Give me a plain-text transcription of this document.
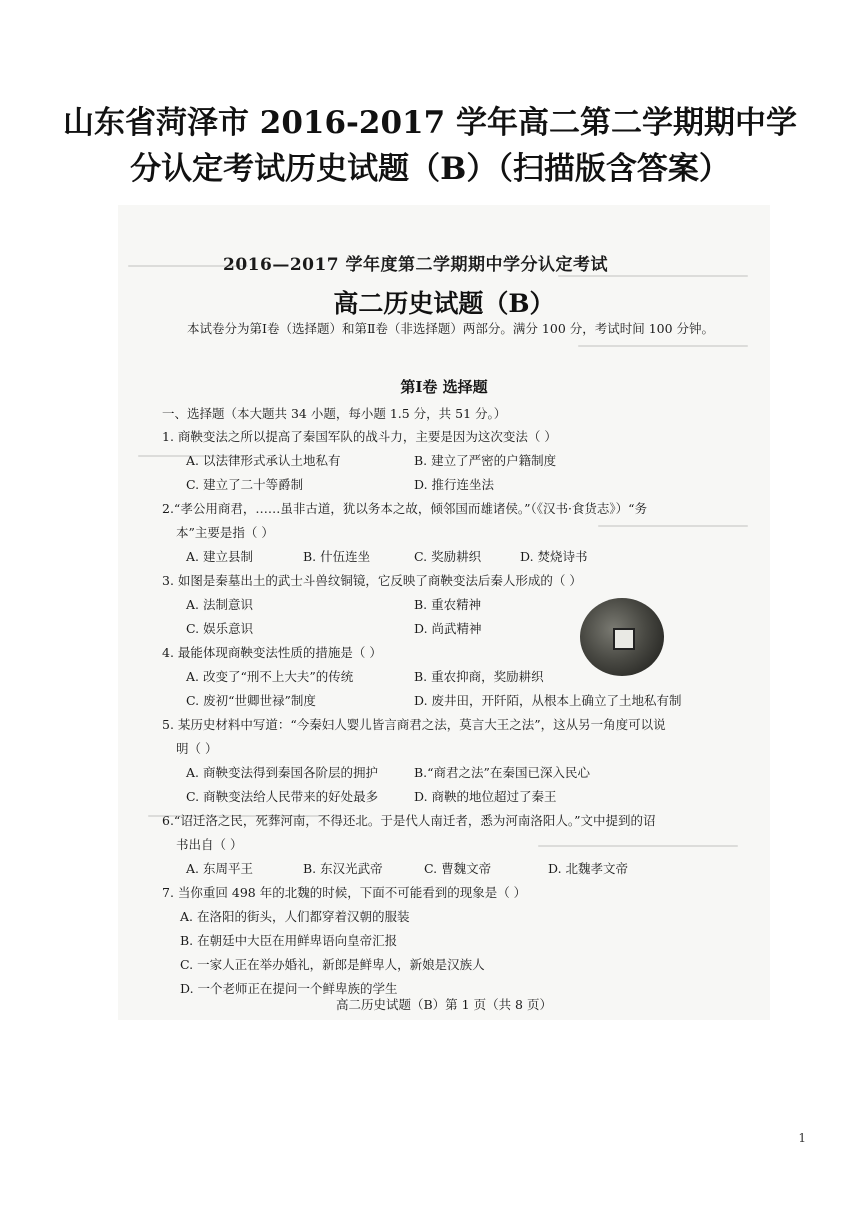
山东省菏泽市 2016-2017 学年高二第二学期期中学
分认定考试历史试题（B）（扫描版含答案）
2016—2017 学年度第二学期期中学分认定考试
高二历史试题（B）
本试卷分为第Ⅰ卷（选择题）和第Ⅱ卷（非选择题）两部分。满分 100 分，考试时间 100 分钟。
第Ⅰ卷 选择题
一、选择题（本大题共 34 小题，每小题 1.5 分，共 51 分。）
1. 商鞅变法之所以提高了秦国军队的战斗力，主要是因为这次变法（ ）
A. 以法律形式承认土地私有	B. 建立了严密的户籍制度
C. 建立了二十等爵制	D. 推行连坐法
2.“孝公用商君，……虽非古道，犹以务本之故，倾邻国而雄诸侯。”（《汉书·食货志》）“务
本”主要是指（ ）
A. 建立县制	B. 什伍连坐	C. 奖励耕织	D. 焚烧诗书
3. 如图是秦墓出土的武士斗兽纹铜镜，它反映了商鞅变法后秦人形成的（ ）
A. 法制意识	B. 重农精神
C. 娱乐意识	D. 尚武精神
4. 最能体现商鞅变法性质的措施是（ ）
A. 改变了“刑不上大夫”的传统	B. 重农抑商，奖励耕织
C. 废初“世卿世禄”制度	D. 废井田，开阡陌，从根本上确立了土地私有制
5. 某历史材料中写道：“今秦妇人婴儿皆言商君之法，莫言大王之法”，这从另一角度可以说
明（ ）
A. 商鞅变法得到秦国各阶层的拥护	B.“商君之法”在秦国已深入民心
C. 商鞅变法给人民带来的好处最多	D. 商鞅的地位超过了秦王
6.“诏迁洛之民，死葬河南，不得还北。于是代人南迁者，悉为河南洛阳人。”文中提到的诏
书出自（ ）
A. 东周平王	B. 东汉光武帝	C. 曹魏文帝	D. 北魏孝文帝
7. 当你重回 498 年的北魏的时候，下面不可能看到的现象是（ ）
A. 在洛阳的街头，人们都穿着汉朝的服装
B. 在朝廷中大臣在用鲜卑语向皇帝汇报
C. 一家人正在举办婚礼，新郎是鲜卑人，新娘是汉族人
D. 一个老师正在提问一个鲜卑族的学生
高二历史试题（B）第 1 页（共 8 页）
1
